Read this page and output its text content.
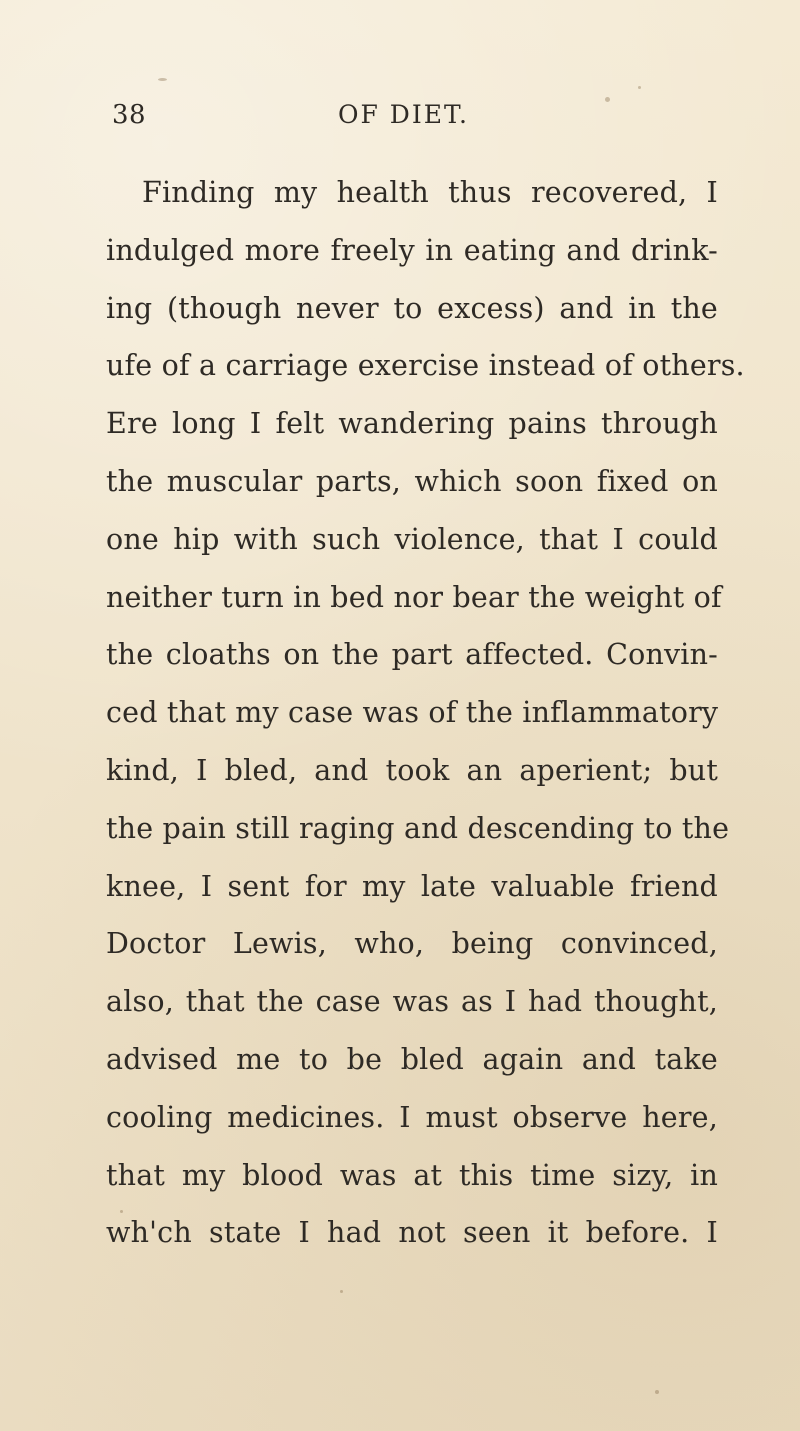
38	OF DIET.
Finding my health thus recovered, I
indulged more freely in eating and drink-
ing (though never to excess) and in the
ufe of a carriage exercise instead of others.
Ere long I felt wandering pains through
the muscular parts, which soon fixed on
one hip with such violence, that I could
neither turn in bed nor bear the weight of
the cloaths on the part affected. Convin-
ced that my case was of the inflammatory
kind, I bled, and took an aperient; but
the pain still raging and descending to the
knee, I sent for my late valuable friend
Doctor Lewis, who, being convinced,
also, that the case was as I had thought,
advised me to be bled again and take
cooling medicines. I must observe here,
that my blood was at this time sizy, in
wh'ch state I had not seen it before. I
